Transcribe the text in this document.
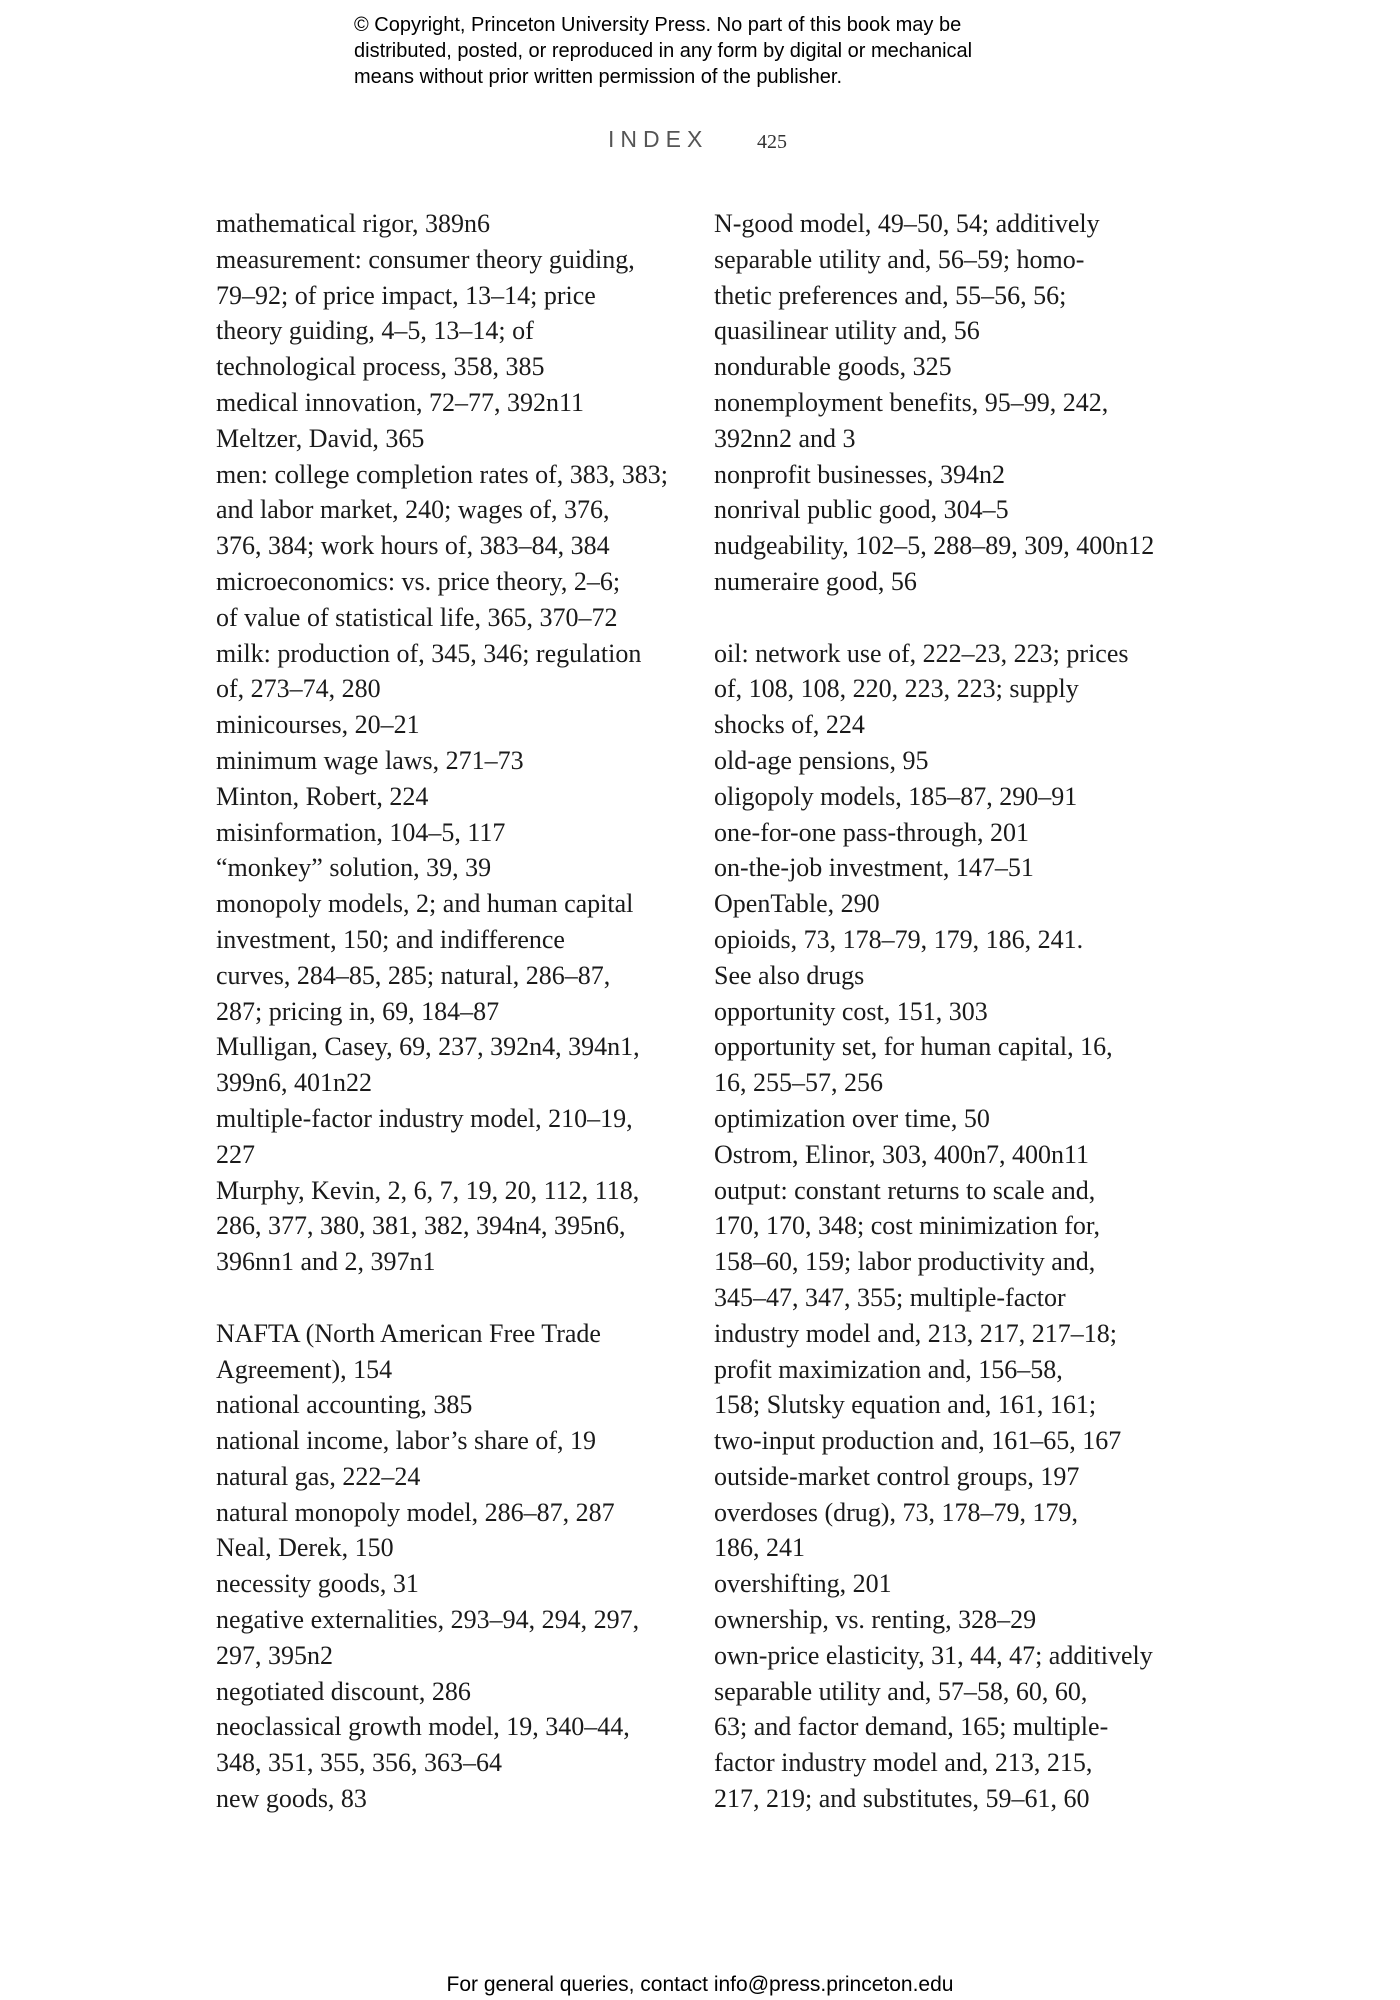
© Copyright, Princeton University Press. No part of this book may be
distributed, posted, or reproduced in any form by digital or mechanical
means without prior written permission of the publisher.
INDEX 425
mathematical rigor, 389n6
measurement: consumer theory guiding,
79–92; of price impact, 13–14; price
theory guiding, 4–5, 13–14; of
technological process, 358, 385
medical innovation, 72–77, 392n11
Meltzer, David, 365
men: college completion rates of, 383, 383;
and labor market, 240; wages of, 376,
376, 384; work hours of, 383–84, 384
microeconomics: vs. price theory, 2–6;
of value of statistical life, 365, 370–72
milk: production of, 345, 346; regulation
of, 273–74, 280
minicourses, 20–21
minimum wage laws, 271–73
Minton, Robert, 224
misinformation, 104–5, 117
“monkey” solution, 39, 39
monopoly models, 2; and human capital
investment, 150; and indifference
curves, 284–85, 285; natural, 286–87,
287; pricing in, 69, 184–87
Mulligan, Casey, 69, 237, 392n4, 394n1,
399n6, 401n22
multiple-factor industry model, 210–19,
227
Murphy, Kevin, 2, 6, 7, 19, 20, 112, 118,
286, 377, 380, 381, 382, 394n4, 395n6,
396nn1 and 2, 397n1
NAFTA (North American Free Trade
Agreement), 154
national accounting, 385
national income, labor’s share of, 19
natural gas, 222–24
natural monopoly model, 286–87, 287
Neal, Derek, 150
necessity goods, 31
negative externalities, 293–94, 294, 297,
297, 395n2
negotiated discount, 286
neoclassical growth model, 19, 340–44,
348, 351, 355, 356, 363–64
new goods, 83
N-good model, 49–50, 54; additively
separable utility and, 56–59; homo-
thetic preferences and, 55–56, 56;
quasilinear utility and, 56
nondurable goods, 325
nonemployment benefits, 95–99, 242,
392nn2 and 3
nonprofit businesses, 394n2
nonrival public good, 304–5
nudgeability, 102–5, 288–89, 309, 400n12
numeraire good, 56
oil: network use of, 222–23, 223; prices
of, 108, 108, 220, 223, 223; supply
shocks of, 224
old-age pensions, 95
oligopoly models, 185–87, 290–91
one-for-one pass-through, 201
on-the-job investment, 147–51
OpenTable, 290
opioids, 73, 178–79, 179, 186, 241.
See also drugs
opportunity cost, 151, 303
opportunity set, for human capital, 16,
16, 255–57, 256
optimization over time, 50
Ostrom, Elinor, 303, 400n7, 400n11
output: constant returns to scale and,
170, 170, 348; cost minimization for,
158–60, 159; labor productivity and,
345–47, 347, 355; multiple-factor
industry model and, 213, 217, 217–18;
profit maximization and, 156–58,
158; Slutsky equation and, 161, 161;
two-input production and, 161–65, 167
outside-market control groups, 197
overdoses (drug), 73, 178–79, 179,
186, 241
overshifting, 201
ownership, vs. renting, 328–29
own-price elasticity, 31, 44, 47; additively
separable utility and, 57–58, 60, 60,
63; and factor demand, 165; multiple-
factor industry model and, 213, 215,
217, 219; and substitutes, 59–61, 60
For general queries, contact info@press.princeton.edu
